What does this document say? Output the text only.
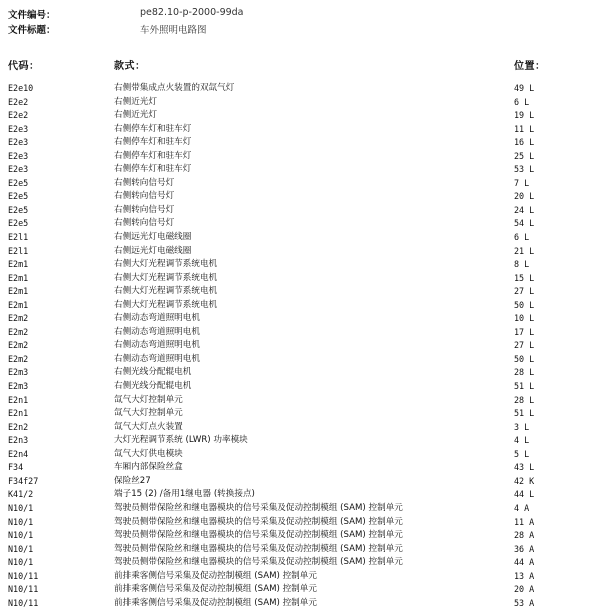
文件编号：	pe82.10-p-2000-99da
文件标题：	车外照明电路图
代码：	款式：	位置：
E2e10	右侧带集成点火装置的双氙气灯	49 L
E2e2	右侧近光灯	6 L
E2e2	右侧近光灯	19 L
E2e3	右侧停车灯和驻车灯	11 L
E2e3	右侧停车灯和驻车灯	16 L
E2e3	右侧停车灯和驻车灯	25 L
E2e3	右侧停车灯和驻车灯	53 L
E2e5	右侧转向信号灯	7 L
E2e5	右侧转向信号灯	20 L
E2e5	右侧转向信号灯	24 L
E2e5	右侧转向信号灯	54 L
E2l1	右侧远光灯电磁线圈	6 L
E2l1	右侧远光灯电磁线圈	21 L
E2m1	右侧大灯光程调节系统电机	8 L
E2m1	右侧大灯光程调节系统电机	15 L
E2m1	右侧大灯光程调节系统电机	27 L
E2m1	右侧大灯光程调节系统电机	50 L
E2m2	右侧动态弯道照明电机	10 L
E2m2	右侧动态弯道照明电机	17 L
E2m2	右侧动态弯道照明电机	27 L
E2m2	右侧动态弯道照明电机	50 L
E2m3	右侧光线分配辊电机	28 L
E2m3	右侧光线分配辊电机	51 L
E2n1	氙气大灯控制单元	28 L
E2n1	氙气大灯控制单元	51 L
E2n2	氙气大灯点火装置	3 L
E2n3	大灯光程调节系统 (LWR) 功率模块	4 L
E2n4	氙气大灯供电模块	5 L
F34	车厢内部保险丝盒	43 L
F34f27	保险丝27	42 K
K41/2	端子15 (2) /备用1继电器 (转换接点)	44 L
N10/1	驾驶员侧带保险丝和继电器模块的信号采集及促动控制模组 (SAM) 控制单元	4 A
N10/1	驾驶员侧带保险丝和继电器模块的信号采集及促动控制模组 (SAM) 控制单元	11 A
N10/1	驾驶员侧带保险丝和继电器模块的信号采集及促动控制模组 (SAM) 控制单元	28 A
N10/1	驾驶员侧带保险丝和继电器模块的信号采集及促动控制模组 (SAM) 控制单元	36 A
N10/1	驾驶员侧带保险丝和继电器模块的信号采集及促动控制模组 (SAM) 控制单元	44 A
N10/11	前排乘客侧信号采集及促动控制模组 (SAM) 控制单元	13 A
N10/11	前排乘客侧信号采集及促动控制模组 (SAM) 控制单元	20 A
N10/11	前排乘客侧信号采集及促动控制模组 (SAM) 控制单元	53 A
